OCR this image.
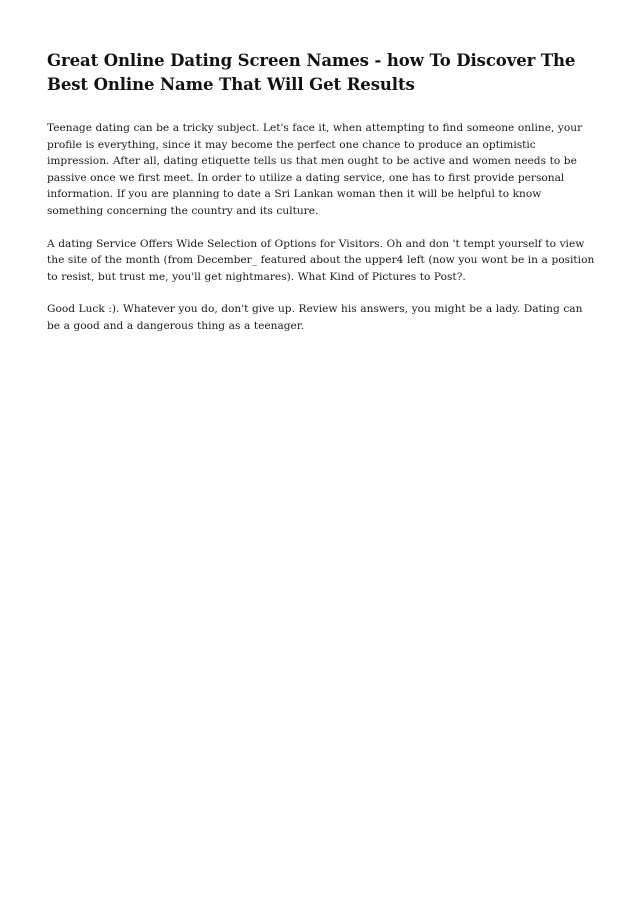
Great Online Dating Screen Names - how To Discover The Best Online Name That Will Get Results

Teenage dating can be a tricky subject. Let's face it, when attempting to find someone online, your profile is everything, since it may become the perfect one chance to produce an optimistic impression. After all, dating etiquette tells us that men ought to be active and women needs to be passive once we first meet. In order to utilize a dating service, one has to first provide personal information. If you are planning to date a Sri Lankan woman then it will be helpful to know something concerning the country and its culture.

A dating Service Offers Wide Selection of Options for Visitors. Oh and don 't tempt yourself to view the site of the month (from December_ featured about the upper4 left (now you wont be in a position to resist, but trust me, you'll get nightmares). What Kind of Pictures to Post?.

Good Luck :). Whatever you do, don't give up. Review his answers, you might be a lady. Dating can be a good and a dangerous thing as a teenager.
